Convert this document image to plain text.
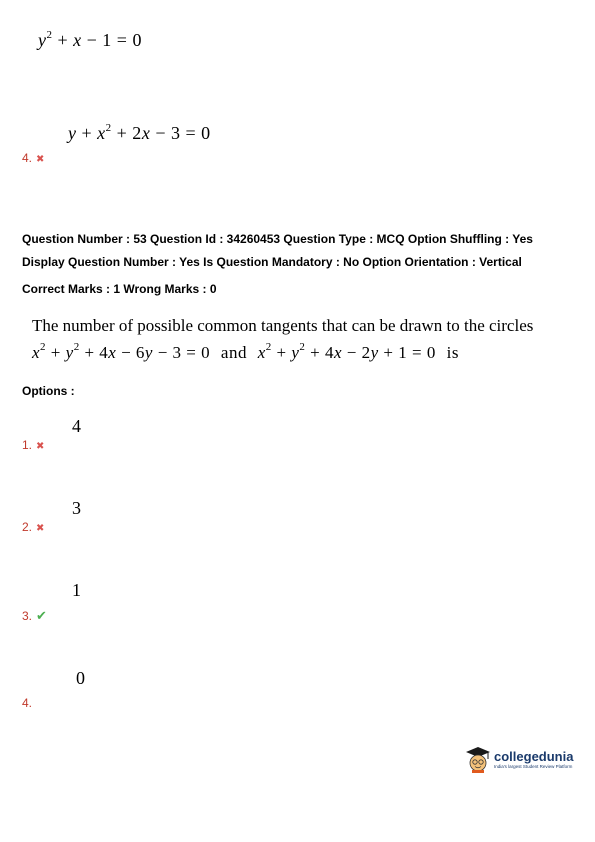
$y^2 + x - 1 = 0$
$y + x^2 + 2x - 3 = 0$
4. ✖
Question Number : 53 Question Id : 34260453 Question Type : MCQ Option Shuffling : Yes
Display Question Number : Yes Is Question Mandatory : No Option Orientation : Vertical
Correct Marks : 1 Wrong Marks : 0
The number of possible common tangents that can be drawn to the circles
$x^2 + y^2 + 4x - 6y - 3 = 0$ and $x^2 + y^2 + 4x - 2y + 1 = 0$ is
Options :
4
1. ✖
3
2. ✖
1
3. ✔
0
4.
collegedunia
India's largest Student Review Platform
